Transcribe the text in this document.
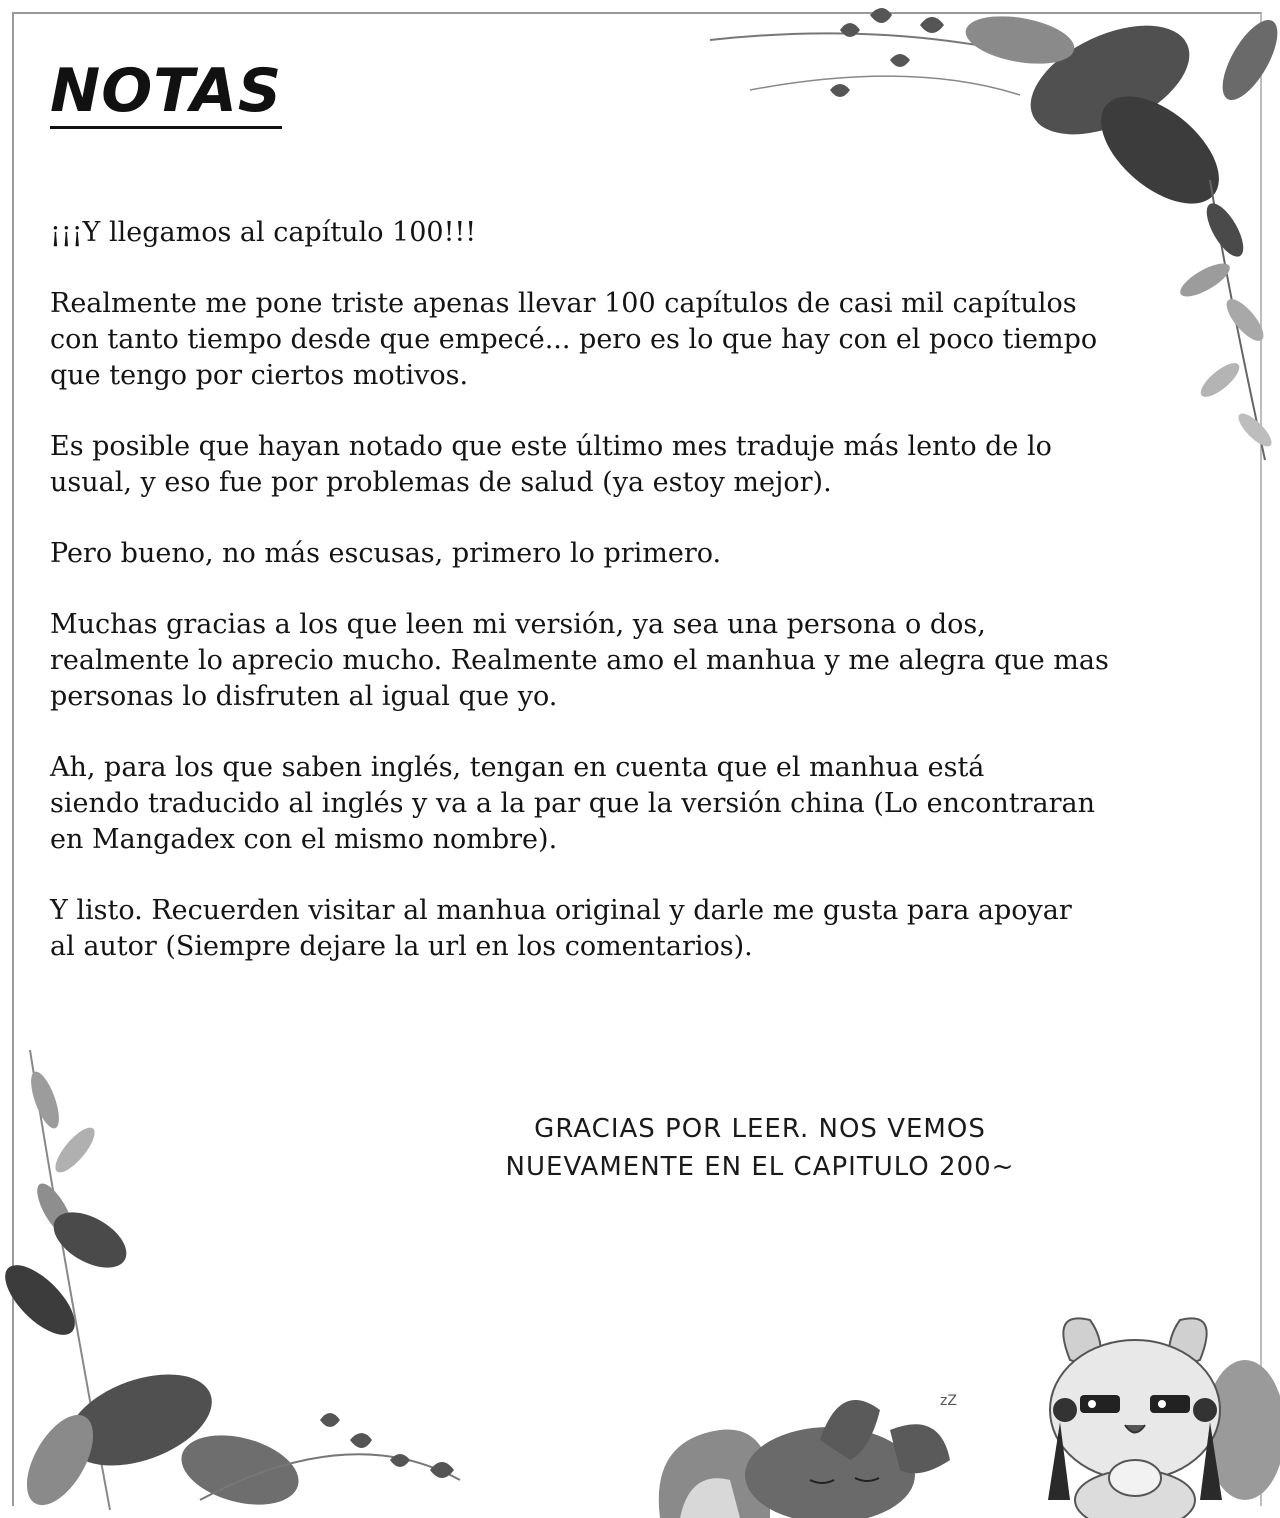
zZ
NOTAS

¡¡¡Y llegamos al capítulo 100!!!

Realmente me pone triste apenas llevar 100 capítulos de casi mil capítulos
con tanto tiempo desde que empecé... pero es lo que hay con el poco tiempo
que tengo por ciertos motivos.

Es posible que hayan notado que este último mes traduje más lento de lo
usual, y eso fue por problemas de salud (ya estoy mejor).

Pero bueno, no más escusas, primero lo primero.

Muchas gracias a los que leen mi versión, ya sea una persona o dos,
realmente lo aprecio mucho. Realmente amo el manhua y me alegra que mas
personas lo disfruten al igual que yo.

Ah, para los que saben inglés, tengan en cuenta que el manhua está
siendo traducido al inglés y va a la par que la versión china (Lo encontraran
en Mangadex con el mismo nombre).

Y listo. Recuerden visitar al manhua original y darle me gusta para apoyar
al autor (Siempre dejare la url en los comentarios).

GRACIAS POR LEER. NOS VEMOS
NUEVAMENTE EN EL CAPITULO 200~
